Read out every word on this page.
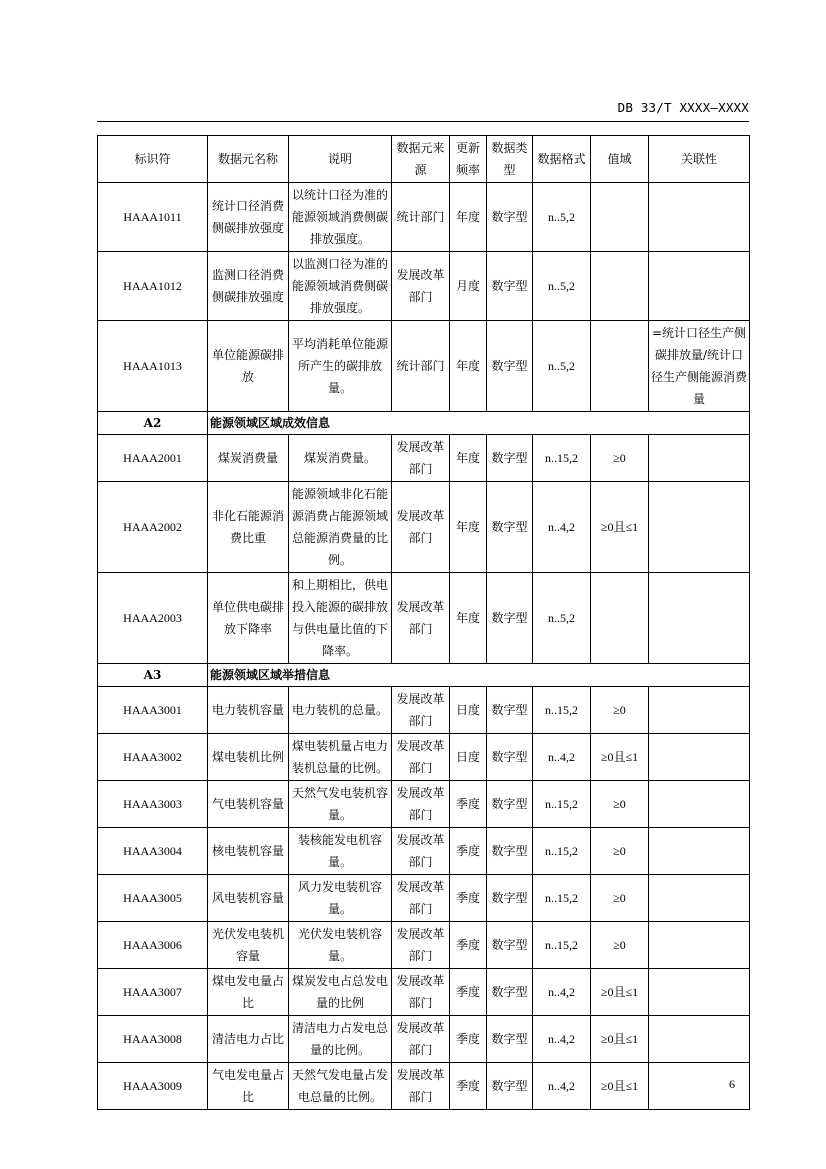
DB 33/T XXXX—XXXX
标识符	数据元名称	说明	数据元来源	更新频率	数据类型	数据格式	值域	关联性
HAAA1011	统计口径消费侧碳排放强度	以统计口径为准的能源领域消费侧碳排放强度。	统计部门	年度	数字型	n..5,2		
HAAA1012	监测口径消费侧碳排放强度	以监测口径为准的能源领域消费侧碳排放强度。	发展改革部门	月度	数字型	n..5,2		
HAAA1013	单位能源碳排放	平均消耗单位能源所产生的碳排放量。	统计部门	年度	数字型	n..5,2		=统计口径生产侧碳排放量/统计口径生产侧能源消费量
A2	能源领域区域成效信息							
HAAA2001	煤炭消费量	煤炭消费量。	发展改革部门	年度	数字型	n..15,2	≥0	
HAAA2002	非化石能源消费比重	能源领域非化石能源消费占能源领域总能源消费量的比例。	发展改革部门	年度	数字型	n..4,2	≥0且≤1	
HAAA2003	单位供电碳排放下降率	和上期相比，供电投入能源的碳排放与供电量比值的下降率。	发展改革部门	年度	数字型	n..5,2		
A3	能源领域区域举措信息							
HAAA3001	电力装机容量	电力装机的总量。	发展改革部门	日度	数字型	n..15,2	≥0	
HAAA3002	煤电装机比例	煤电装机量占电力装机总量的比例。	发展改革部门	日度	数字型	n..4,2	≥0且≤1	
HAAA3003	气电装机容量	天然气发电装机容量。	发展改革部门	季度	数字型	n..15,2	≥0	
HAAA3004	核电装机容量	装核能发电机容量。	发展改革部门	季度	数字型	n..15,2	≥0	
HAAA3005	风电装机容量	风力发电装机容量。	发展改革部门	季度	数字型	n..15,2	≥0	
HAAA3006	光伏发电装机容量	光伏发电装机容量。	发展改革部门	季度	数字型	n..15,2	≥0	
HAAA3007	煤电发电量占比	煤炭发电占总发电量的比例	发展改革部门	季度	数字型	n..4,2	≥0且≤1	
HAAA3008	清洁电力占比	清洁电力占发电总量的比例。	发展改革部门	季度	数字型	n..4,2	≥0且≤1	
HAAA3009	气电发电量占比	天然气发电量占发电总量的比例。	发展改革部门	季度	数字型	n..4,2	≥0且≤1		6
